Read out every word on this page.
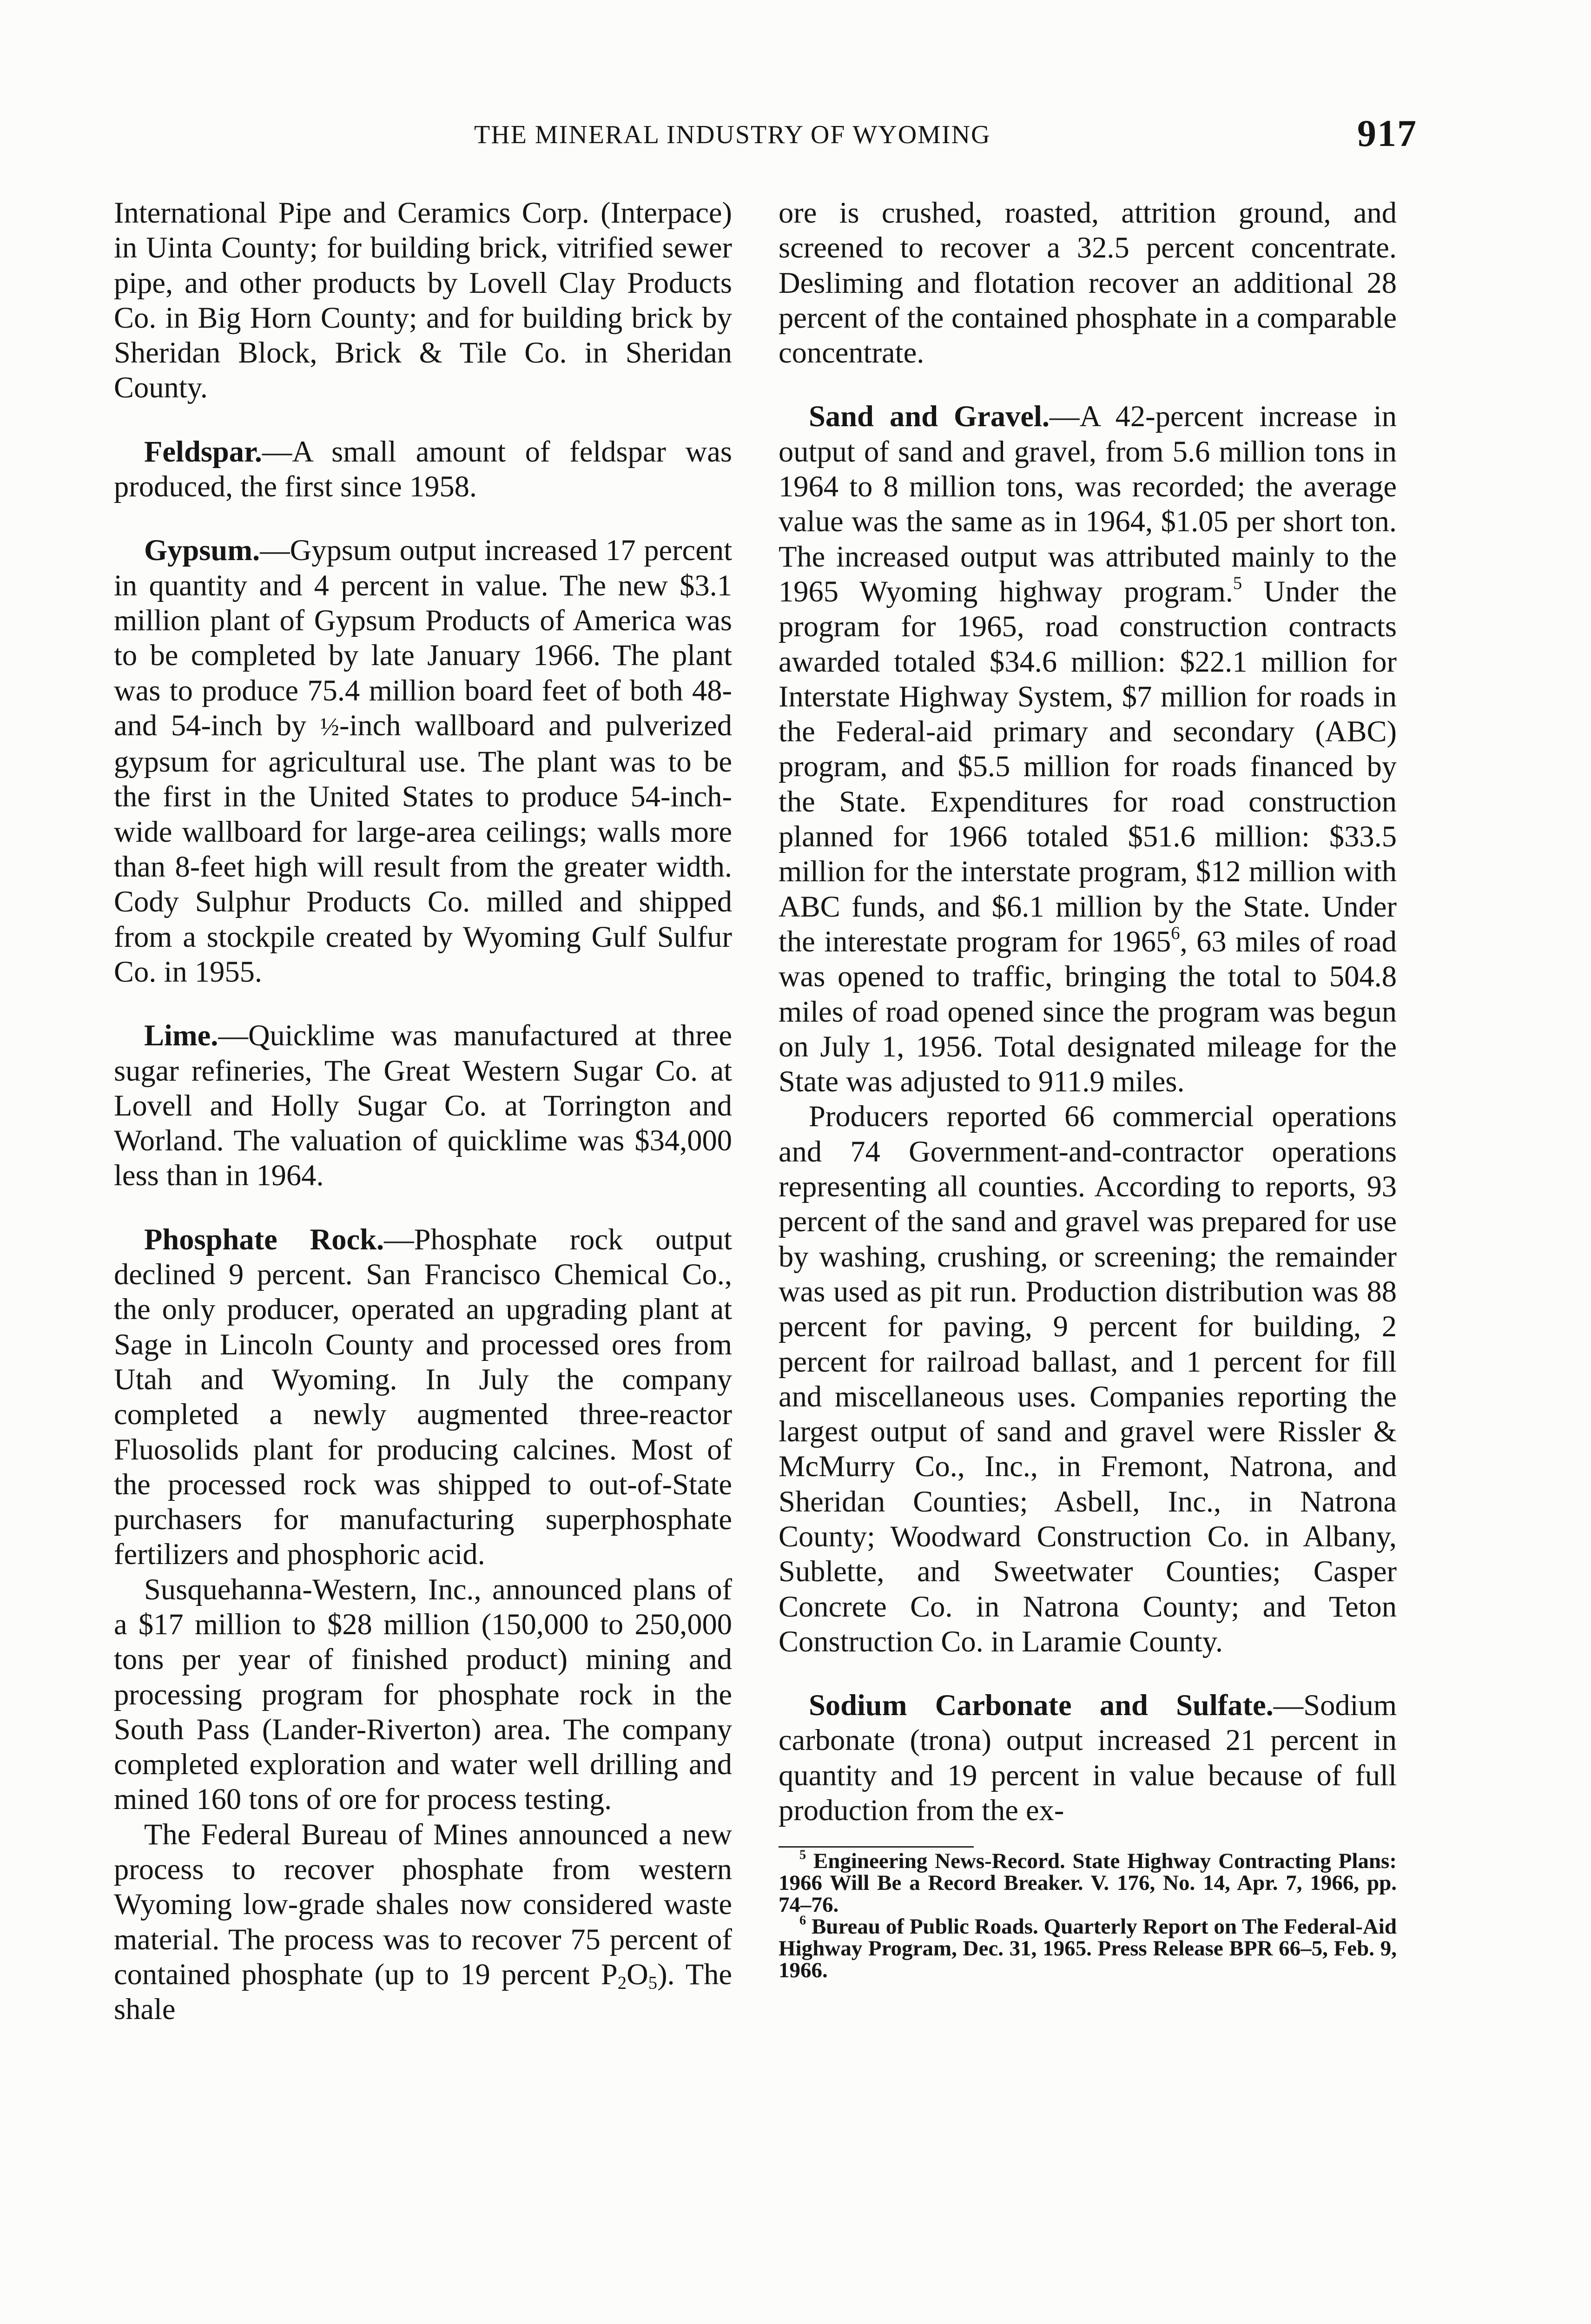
THE MINERAL INDUSTRY OF WYOMING	917

International Pipe and Ceramics Corp. (Interpace) in Uinta County; for building brick, vitrified sewer pipe, and other products by Lovell Clay Products Co. in Big Horn County; and for building brick by Sheridan Block, Brick & Tile Co. in Sheridan County.

Feldspar.—A small amount of feldspar was produced, the first since 1958.

Gypsum.—Gypsum output increased 17 percent in quantity and 4 percent in value. The new $3.1 million plant of Gypsum Products of America was to be completed by late January 1966. The plant was to produce 75.4 million board feet of both 48- and 54-inch by ½-inch wallboard and pulverized gypsum for agricultural use. The plant was to be the first in the United States to produce 54-inch-wide wallboard for large-area ceilings; walls more than 8-feet high will result from the greater width. Cody Sulphur Products Co. milled and shipped from a stockpile created by Wyoming Gulf Sulfur Co. in 1955.

Lime.—Quicklime was manufactured at three sugar refineries, The Great Western Sugar Co. at Lovell and Holly Sugar Co. at Torrington and Worland. The valuation of quicklime was $34,000 less than in 1964.

Phosphate Rock.—Phosphate rock output declined 9 percent. San Francisco Chemical Co., the only producer, operated an upgrading plant at Sage in Lincoln County and processed ores from Utah and Wyoming. In July the company completed a newly augmented three-reactor Fluosolids plant for producing calcines. Most of the processed rock was shipped to out-of-State purchasers for manufacturing superphosphate fertilizers and phosphoric acid.

Susquehanna-Western, Inc., announced plans of a $17 million to $28 million (150,000 to 250,000 tons per year of finished product) mining and processing program for phosphate rock in the South Pass (Lander-Riverton) area. The company completed exploration and water well drilling and mined 160 tons of ore for process testing.

The Federal Bureau of Mines announced a new process to recover phosphate from western Wyoming low-grade shales now considered waste material. The process was to recover 75 percent of contained phosphate (up to 19 percent $P_2O_5$). The shale

ore is crushed, roasted, attrition ground, and screened to recover a 32.5 percent concentrate. Desliming and flotation recover an additional 28 percent of the contained phosphate in a comparable concentrate.

Sand and Gravel.—A 42-percent increase in output of sand and gravel, from 5.6 million tons in 1964 to 8 million tons, was recorded; the average value was the same as in 1964, $1.05 per short ton. The increased output was attributed mainly to the 1965 Wyoming highway program.$^5$ Under the program for 1965, road construction contracts awarded totaled $34.6 million: $22.1 million for Interstate Highway System, $7 million for roads in the Federal-aid primary and secondary (ABC) program, and $5.5 million for roads financed by the State. Expenditures for road construction planned for 1966 totaled $51.6 million: $33.5 million for the interstate program, $12 million with ABC funds, and $6.1 million by the State. Under the interestate program for 1965$^6$, 63 miles of road was opened to traffic, bringing the total to 504.8 miles of road opened since the program was begun on July 1, 1956. Total designated mileage for the State was adjusted to 911.9 miles.

Producers reported 66 commercial operations and 74 Government-and-contractor operations representing all counties. According to reports, 93 percent of the sand and gravel was prepared for use by washing, crushing, or screening; the remainder was used as pit run. Production distribution was 88 percent for paving, 9 percent for building, 2 percent for railroad ballast, and 1 percent for fill and miscellaneous uses. Companies reporting the largest output of sand and gravel were Rissler & McMurry Co., Inc., in Fremont, Natrona, and Sheridan Counties; Asbell, Inc., in Natrona County; Woodward Construction Co. in Albany, Sublette, and Sweetwater Counties; Casper Concrete Co. in Natrona County; and Teton Construction Co. in Laramie County.

Sodium Carbonate and Sulfate.—Sodium carbonate (trona) output increased 21 percent in quantity and 19 percent in value because of full production from the ex-

$^5$ Engineering News-Record. State Highway Contracting Plans: 1966 Will Be a Record Breaker. V. 176, No. 14, Apr. 7, 1966, pp. 74–76.

$^6$ Bureau of Public Roads. Quarterly Report on The Federal-Aid Highway Program, Dec. 31, 1965. Press Release BPR 66–5, Feb. 9, 1966.
